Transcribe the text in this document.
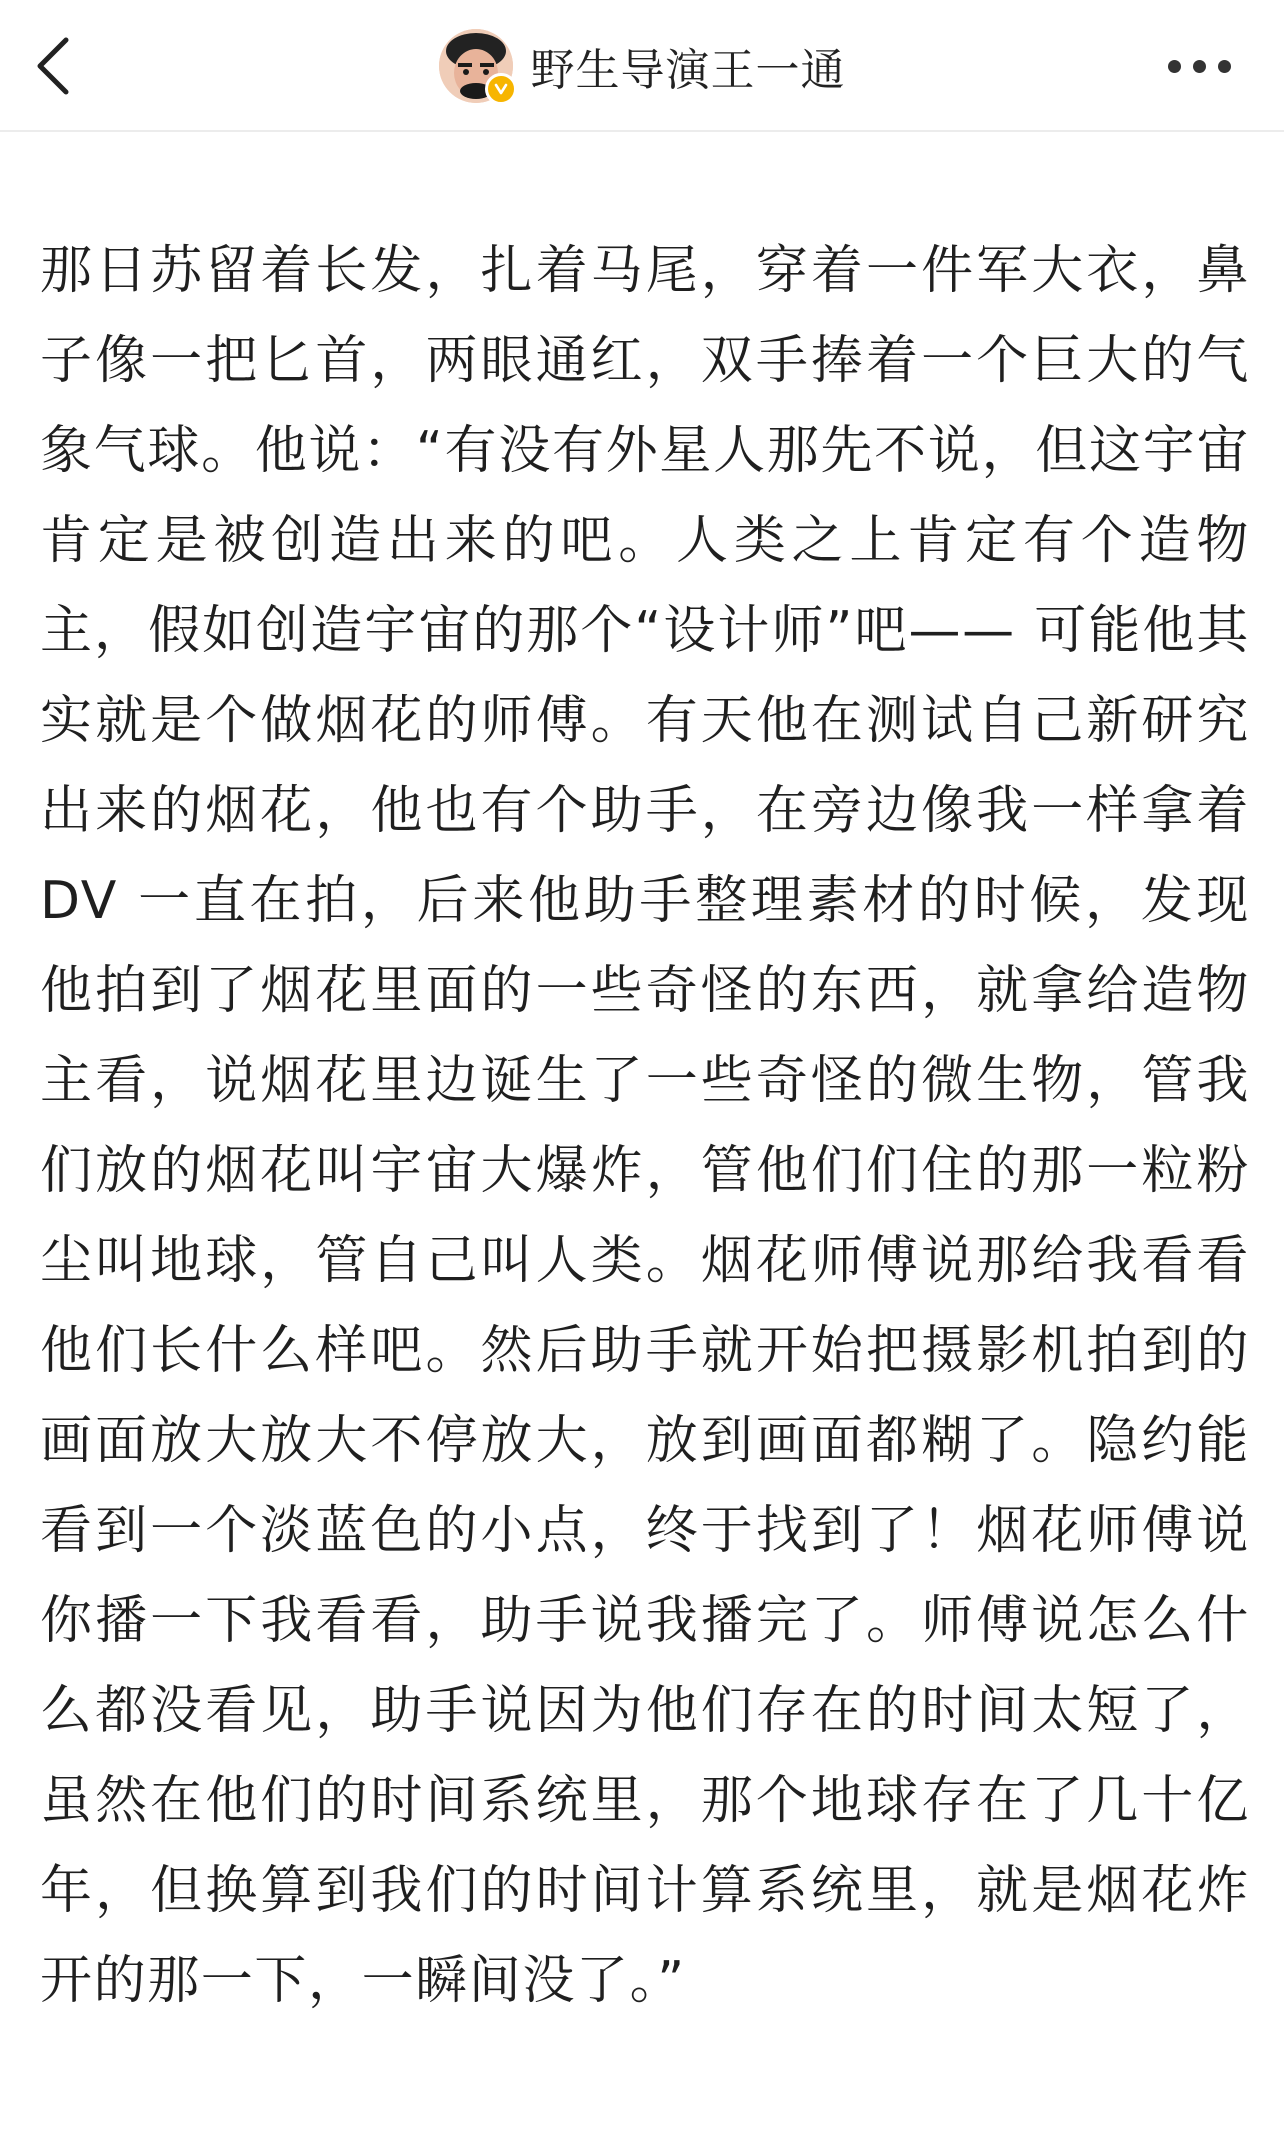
野生导演王一通

那日苏留着长发，扎着马尾，穿着一件军大衣，鼻子像一把匕首，两眼通红，双手捧着一个巨大的气象气球。他说：“有没有外星人那先不说，但这宇宙肯定是被创造出来的吧。人类之上肯定有个造物主，假如创造宇宙的那个“设计师”吧—— 可能他其实就是个做烟花的师傅。有天他在测试自己新研究出来的烟花，他也有个助手，在旁边像我一样拿着 DV 一直在拍，后来他助手整理素材的时候，发现他拍到了烟花里面的一些奇怪的东西，就拿给造物主看，说烟花里边诞生了一些奇怪的微生物，管我们放的烟花叫宇宙大爆炸，管他们们住的那一粒粉尘叫地球，管自己叫人类。烟花师傅说那给我看看他们长什么样吧。然后助手就开始把摄影机拍到的画面放大放大不停放大，放到画面都糊了。隐约能看到一个淡蓝色的小点，终于找到了！烟花师傅说你播一下我看看，助手说我播完了。师傅说怎么什么都没看见，助手说因为他们存在的时间太短了，虽然在他们的时间系统里，那个地球存在了几十亿年，但换算到我们的时间计算系统里，就是烟花炸开的那一下，一瞬间没了。”
